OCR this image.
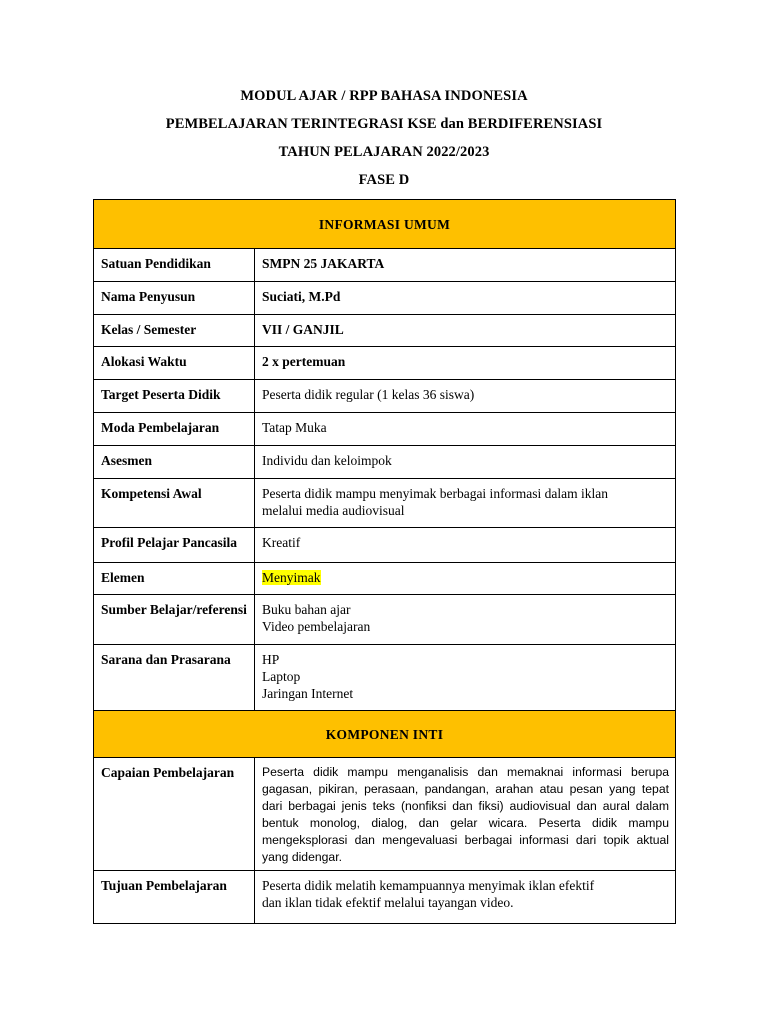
MODUL AJAR / RPP BAHASA INDONESIA
PEMBELAJARAN TERINTEGRASI KSE dan BERDIFERENSIASI
TAHUN PELAJARAN 2022/2023
FASE D
INFORMASI UMUM	
Satuan Pendidikan	SMPN 25 JAKARTA

Nama Penyusun	Suciati, M.Pd

Kelas / Semester	VII / GANJIL

Alokasi Waktu	2 x pertemuan

Target Peserta Didik	Peserta didik regular (1 kelas 36 siswa)

Moda Pembelajaran	Tatap Muka

Asesmen	Individu dan keloimpok

Kompetensi Awal	Peserta didik mampu menyimak berbagai informasi dalam iklan
melalui media audiovisual

Profil Pelajar Pancasila	Kreatif

Elemen	Menyimak
Sumber Belajar/referensi	Buku bahan ajar
Video pembelajaran

Sarana dan Prasarana	HP
Laptop
Jaringan Internet

KOMPONEN INTI	
Capaian Pembelajaran	Peserta didik mampu menganalisis dan memaknai informasi berupa gagasan, pikiran, perasaan, pandangan, arahan atau pesan yang tepat dari berbagai jenis teks (nonfiksi dan fiksi) audiovisual dan aural dalam bentuk monolog, dialog, dan gelar wicara. Peserta didik mampu mengeksplorasi dan mengevaluasi berbagai informasi dari topik aktual yang didengar.
Tujuan Pembelajaran	Peserta didik melatih kemampuannya menyimak iklan efektif
dan iklan tidak efektif melalui tayangan video.
